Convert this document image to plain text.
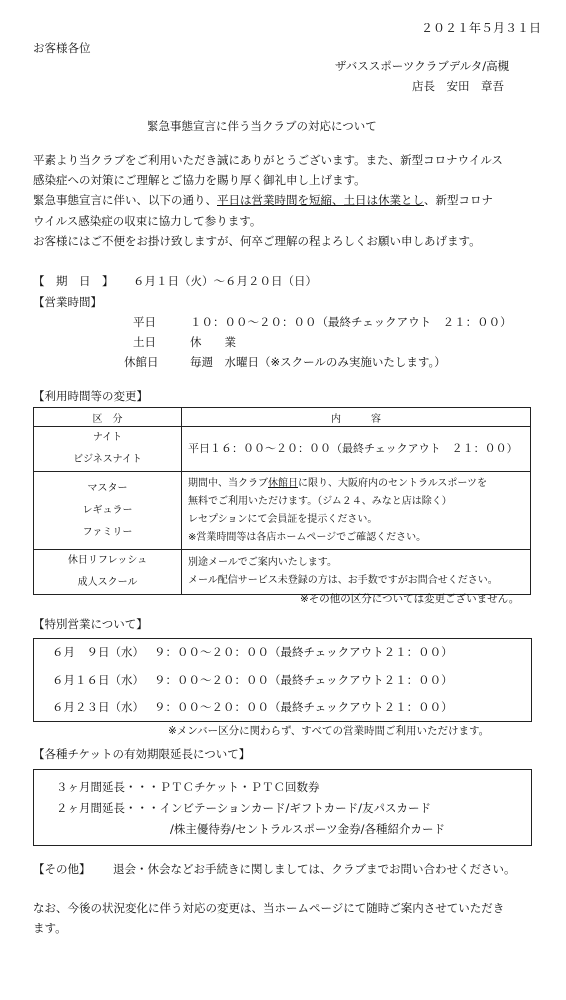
２０２１年５月３１日
お客様各位
ザバススポーツクラブデルタ/高槻
店長　安田　章吾
緊急事態宣言に伴う当クラブの対応について
平素より当クラブをご利用いただき誠にありがとうございます。また、新型コロナウイルス
感染症への対策にご理解とご協力を賜り厚く御礼申し上げます。
緊急事態宣言に伴い、以下の通り、平日は営業時間を短縮、土日は休業とし、新型コロナ
ウイルス感染症の収束に協力して参ります。
お客様にはご不便をお掛け致しますが、何卒ご理解の程よろしくお願い申しあげます。
【　期　日　】 ６月１日（火）～６月２０日（日）
【営業時間】
平日	１０：００～２０：００（最終チェックアウト　２１：００）
土日	休　　業
休館日	毎週　水曜日（※スクールのみ実施いたします。）
【利用時間等の変更】
区　分	内　　　容

ナイト
ビジネスナイト	平日１６：００～２０：００（最終チェックアウト　２１：００）

マスター
レギュラー
ファミリー	期間中、当クラブ休館日に限り、大阪府内のセントラルスポーツを
無料でご利用いただけます。（ジム２４、みなと店は除く）
レセプションにて会員証を提示ください。
※営業時間等は各店ホームページでご確認ください。

休日リフレッシュ
成人スクール	別途メールでご案内いたします。
メール配信サービス未登録の方は、お手数ですがお問合せください。
※その他の区分については変更ございません。
【特別営業について】
６月　９日（水） ９：００～２０：００（最終チェックアウト２１：００）
６月１６日（水） ９：００～２０：００（最終チェックアウト２１：００）
６月２３日（水） ９：００～２０：００（最終チェックアウト２１：００）
※メンバー区分に関わらず、すべての営業時間ご利用いただけます。
【各種チケットの有効期限延長について】
３ヶ月間延長・・・ＰＴＣチケット・ＰＴＣ回数券
２ヶ月間延長・・・インビテーションカード/ギフトカード/友パスカード
/株主優待券/セントラルスポーツ金券/各種紹介カード
【その他】 退会・休会などお手続きに関しましては、クラブまでお問い合わせください。
なお、今後の状況変化に伴う対応の変更は、当ホームページにて随時ご案内させていただき
ます。
